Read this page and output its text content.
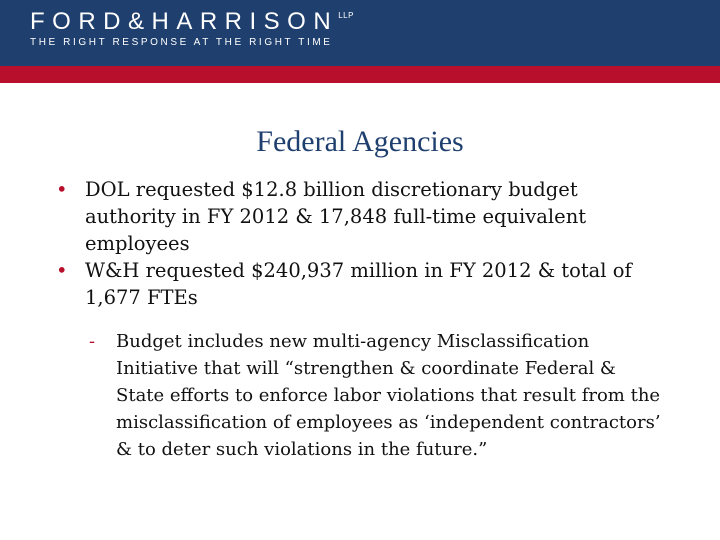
$FORD\&HARRISON^{LLP}$
THE RIGHT RESPONSE AT THE RIGHT TIME
Federal Agencies
• DOL requested $12.8 billion discretionary budget authority in FY 2012 & 17,848 full-time equivalent employees
• W&H requested $240,937 million in FY 2012 & total of 1,677 FTEs
- Budget includes new multi-agency Misclassification Initiative that will “strengthen & coordinate Federal & State efforts to enforce labor violations that result from the misclassification of employees as ‘independent contractors’ & to deter such violations in the future.”
